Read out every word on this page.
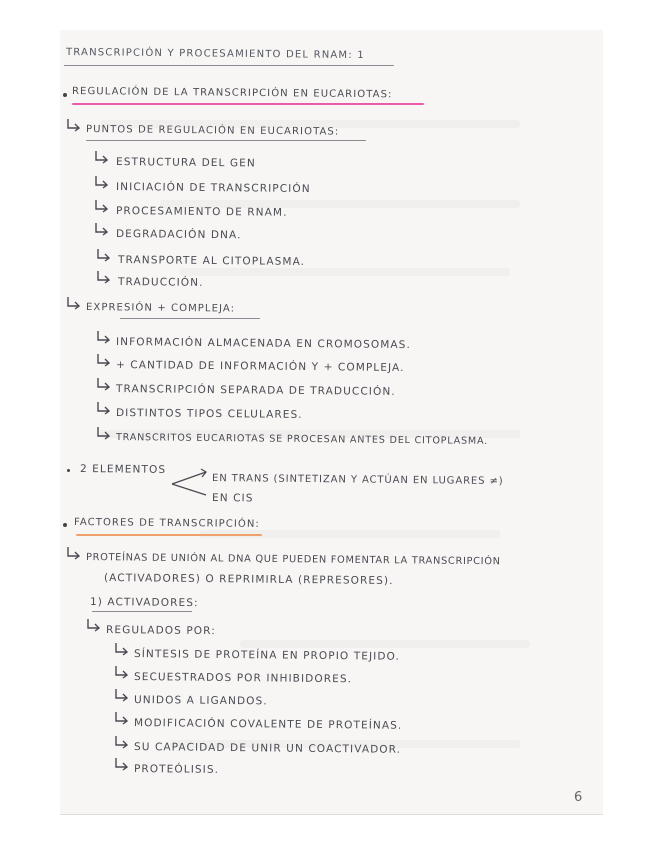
TRANSCRIPCIÓN Y PROCESAMIENTO DEL RNAM: 1
REGULACIÓN DE LA TRANSCRIPCIÓN EN EUCARIOTAS:
PUNTOS DE REGULACIÓN EN EUCARIOTAS:
ESTRUCTURA DEL GEN
INICIACIÓN DE TRANSCRIPCIÓN
PROCESAMIENTO DE RNAM.
DEGRADACIÓN DNA.
TRANSPORTE AL CITOPLASMA.
TRADUCCIÓN.
EXPRESIÓN + COMPLEJA:
INFORMACIÓN ALMACENADA EN CROMOSOMAS.
+ CANTIDAD DE INFORMACIÓN Y + COMPLEJA.
TRANSCRIPCIÓN SEPARADA DE TRADUCCIÓN.
DISTINTOS TIPOS CELULARES.
TRANSCRITOS EUCARIOTAS SE PROCESAN ANTES DEL CITOPLASMA.
2 ELEMENTOS
EN TRANS (SINTETIZAN Y ACTÚAN EN LUGARES ≠)
EN CIS
FACTORES DE TRANSCRIPCIÓN:
PROTEÍNAS DE UNIÓN AL DNA QUE PUEDEN FOMENTAR LA TRANSCRIPCIÓN
(ACTIVADORES) O REPRIMIRLA (REPRESORES).
1) ACTIVADORES:
REGULADOS POR:
SÍNTESIS DE PROTEÍNA EN PROPIO TEJIDO.
SECUESTRADOS POR INHIBIDORES.
UNIDOS A LIGANDOS.
MODIFICACIÓN COVALENTE DE PROTEÍNAS.
SU CAPACIDAD DE UNIR UN COACTIVADOR.
PROTEÓLISIS.
6
